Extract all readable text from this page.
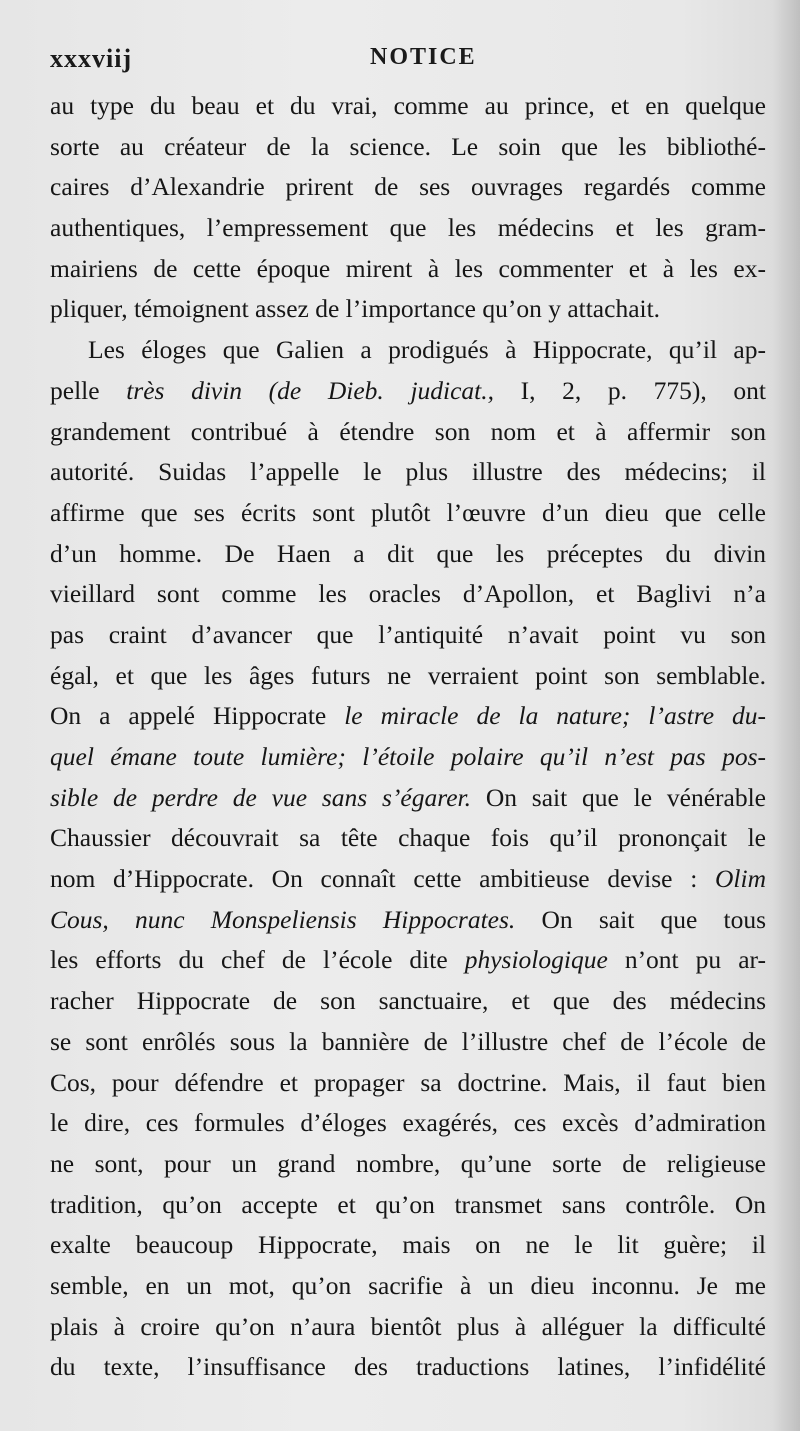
xxxviij	NOTICE
au type du beau et du vrai, comme au prince, et en quelque
sorte au créateur de la science. Le soin que les bibliothé-
caires d’Alexandrie prirent de ses ouvrages regardés comme
authentiques, l’empressement que les médecins et les gram-
mairiens de cette époque mirent à les commenter et à les ex-
pliquer, témoignent assez de l’importance qu’on y attachait.
Les éloges que Galien a prodigués à Hippocrate, qu’il ap-
pelle très divin (de Dieb. judicat., I, 2, p. 775), ont
grandement contribué à étendre son nom et à affermir son
autorité. Suidas l’appelle le plus illustre des médecins; il
affirme que ses écrits sont plutôt l’œuvre d’un dieu que celle
d’un homme. De Haen a dit que les préceptes du divin
vieillard sont comme les oracles d’Apollon, et Baglivi n’a
pas craint d’avancer que l’antiquité n’avait point vu son
égal, et que les âges futurs ne verraient point son semblable.
On a appelé Hippocrate le miracle de la nature; l’astre du-
quel émane toute lumière; l’étoile polaire qu’il n’est pas pos-
sible de perdre de vue sans s’égarer. On sait que le vénérable
Chaussier découvrait sa tête chaque fois qu’il prononçait le
nom d’Hippocrate. On connaît cette ambitieuse devise : Olim
Cous, nunc Monspeliensis Hippocrates. On sait que tous
les efforts du chef de l’école dite physiologique n’ont pu ar-
racher Hippocrate de son sanctuaire, et que des médecins
se sont enrôlés sous la bannière de l’illustre chef de l’école de
Cos, pour défendre et propager sa doctrine. Mais, il faut bien
le dire, ces formules d’éloges exagérés, ces excès d’admiration
ne sont, pour un grand nombre, qu’une sorte de religieuse
tradition, qu’on accepte et qu’on transmet sans contrôle. On
exalte beaucoup Hippocrate, mais on ne le lit guère; il
semble, en un mot, qu’on sacrifie à un dieu inconnu. Je me
plais à croire qu’on n’aura bientôt plus à alléguer la difficulté
du texte, l’insuffisance des traductions latines, l’infidélité
